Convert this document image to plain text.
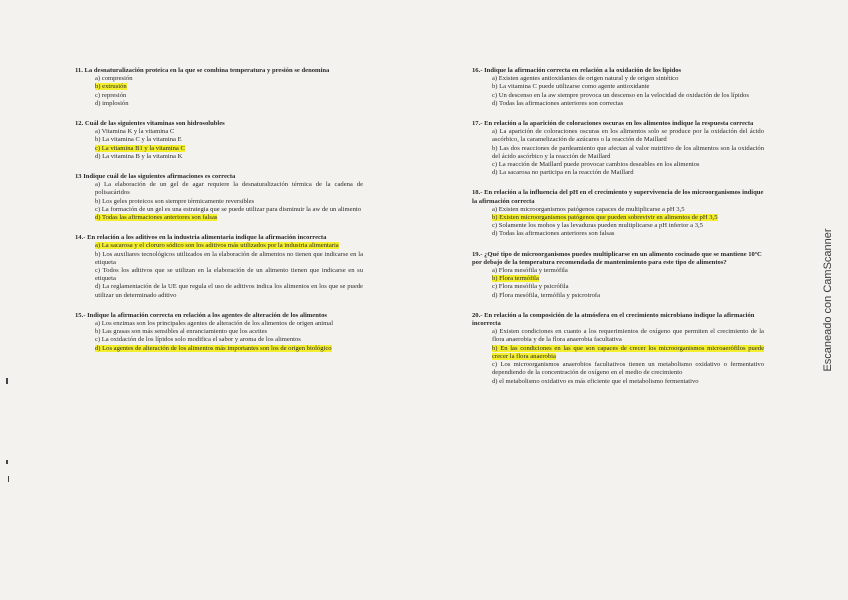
11. La desnaturalización proteica en la que se combina temperatura y presión se denomina
a) compresión
b) extrusión
c) represión
d) implosión
12. Cuál de las siguientes vitaminas son hidrosolubles
a) Vitamina K y la vitamina C
b) La vitamina C y la vitamina E
c) La vitamina B1 y la vitamina C
d) La vitamina B y la vitamina K
13 Indique cuál de las siguientes afirmaciones es correcta
a) La elaboración de un gel de agar requiere la desnaturalización térmica de la cadena de polisacáridos
b) Los geles proteicos son siempre térmicamente reversibles
c) La formación de un gel es una estrategia que se puede utilizar para disminuir la aw de un alimento
d) Todas las afirmaciones anteriores son falsas
14.- En relación a los aditivos en la industria alimentaria indique la afirmación incorrecta
a) La sacarosa y el cloruro sódico son los aditivos más utilizados por la industria alimentaria
b) Los auxiliares tecnológicos utilizados en la elaboración de alimentos no tienen que indicarse en la etiqueta
c) Todos los aditivos que se utilizan en la elaboración de un alimento tienen que indicarse en su etiqueta
d) La reglamentación de la UE que regula el uso de aditivos indica los alimentos en los que se puede utilizar un determinado aditivo
15.- Indique la afirmación correcta en relación a los agentes de alteración de los alimentos
a) Los enzimas son los principales agentes de alteración de los alimentos de origen animal
b) Las grasas son más sensibles al enranciamiento que los aceites
c) La oxidación de los lípidos solo modifica el sabor y aroma de los alimentos
d) Los agentes de alteración de los alimentos más importantes son los de origen biológico
16.- Indique la afirmación correcta en relación a la oxidación de los lípidos
a) Existen agentes antioxidantes de origen natural y de origen sintético
b) La vitamina C puede utilizarse como agente antioxidante
c) Un descenso en la aw siempre provoca un descenso en la velocidad de oxidación de los lípidos
d) Todas las afirmaciones anteriores son correctas
17.- En relación a la aparición de coloraciones oscuras en los alimentos indique la respuesta correcta
a) La aparición de coloraciones oscuras en los alimentos solo se produce por la oxidación del ácido ascórbico, la caramelización de azúcares o la reacción de Maillard
b) Las dos reacciones de pardeamiento que afectan al valor nutritivo de los alimentos son la oxidación del ácido ascórbico y la reacción de Maillard
c) La reacción de Maillard puede provocar cambios deseables en los alimentos
d) La sacarosa no participa en la reacción de Maillard
18.- En relación a la influencia del pH en el crecimiento y supervivencia de los microorganismos indique la afirmación correcta
a) Existen microorganismos patógenos capaces de multiplicarse a pH 3,5
b) Existen microorganismos patógenos que pueden sobrevivir en alimentos de pH 3,5
c) Solamente los mohos y las levaduras pueden multiplicarse a pH inferior a 3,5
d) Todas las afirmaciones anteriores son falsas
19.- ¿Qué tipo de microorganismos puedes multiplicarse en un alimento cocinado que se mantiene 10ºC por debajo de la temperatura recomendada de mantenimiento para este tipo de alimentos?
a) Flora mesófila y termófila
b) Flora termófila
c) Flora mesófila y psicrófila
d) Flora mesófila, termófila y psicrotrofa
20.- En relación a la composición de la atmósfera en el crecimiento microbiano indique la afirmación incorrecta
a) Existen condiciones en cuanto a los requerimientos de oxígeno que permiten el crecimiento de la flora anaerobia y de la flora anaerobia facultativa
b) En las condiciones en las que son capaces de crecer los microorganismos microaerófilos puede crecer la flora anaerobia
c) Los microorganismos anaerobios facultativos tienen un metabolismo oxidativo o fermentativo dependiendo de la concentración de oxígeno en el medio de crecimiento
d) el metabolismo oxidativo es más eficiente que el metabolismo fermentativo
Escaneado con CamScanner
